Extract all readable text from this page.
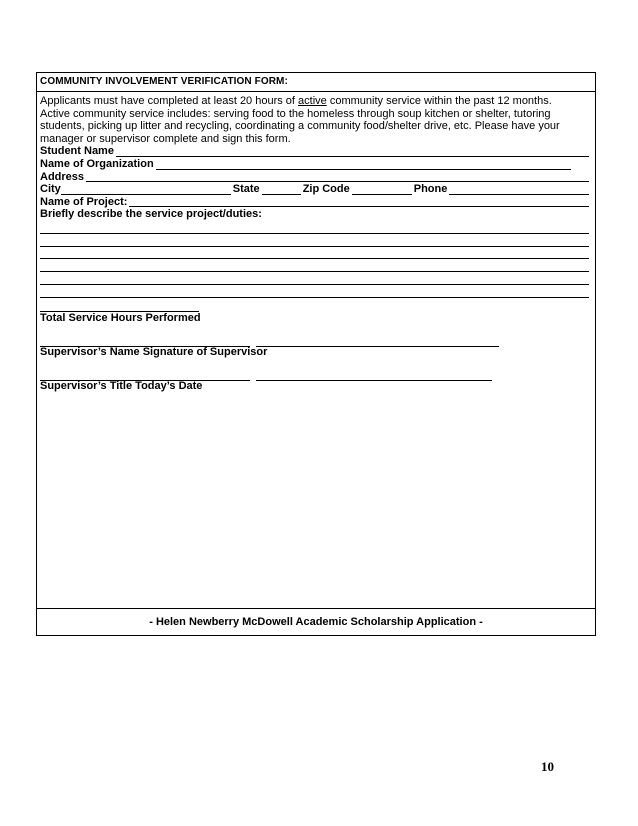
COMMUNITY INVOLVEMENT VERIFICATION FORM:

Applicants must have completed at least 20 hours of active community service within the past 12 months.

Active community service includes: serving food to the homeless through soup kitchen or shelter, tutoring

students, picking up litter and recycling, coordinating a community food/shelter drive, etc. Please have your

manager or supervisor complete and sign this form.

Student Name
Name of Organization
Address
City	State	Zip Code	Phone
Name of Project:
Briefly describe the service project/duties:
Total Service Hours Performed
Supervisor’s Name Signature of Supervisor
Supervisor’s Title Today’s Date
- Helen Newberry McDowell Academic Scholarship Application -
10
